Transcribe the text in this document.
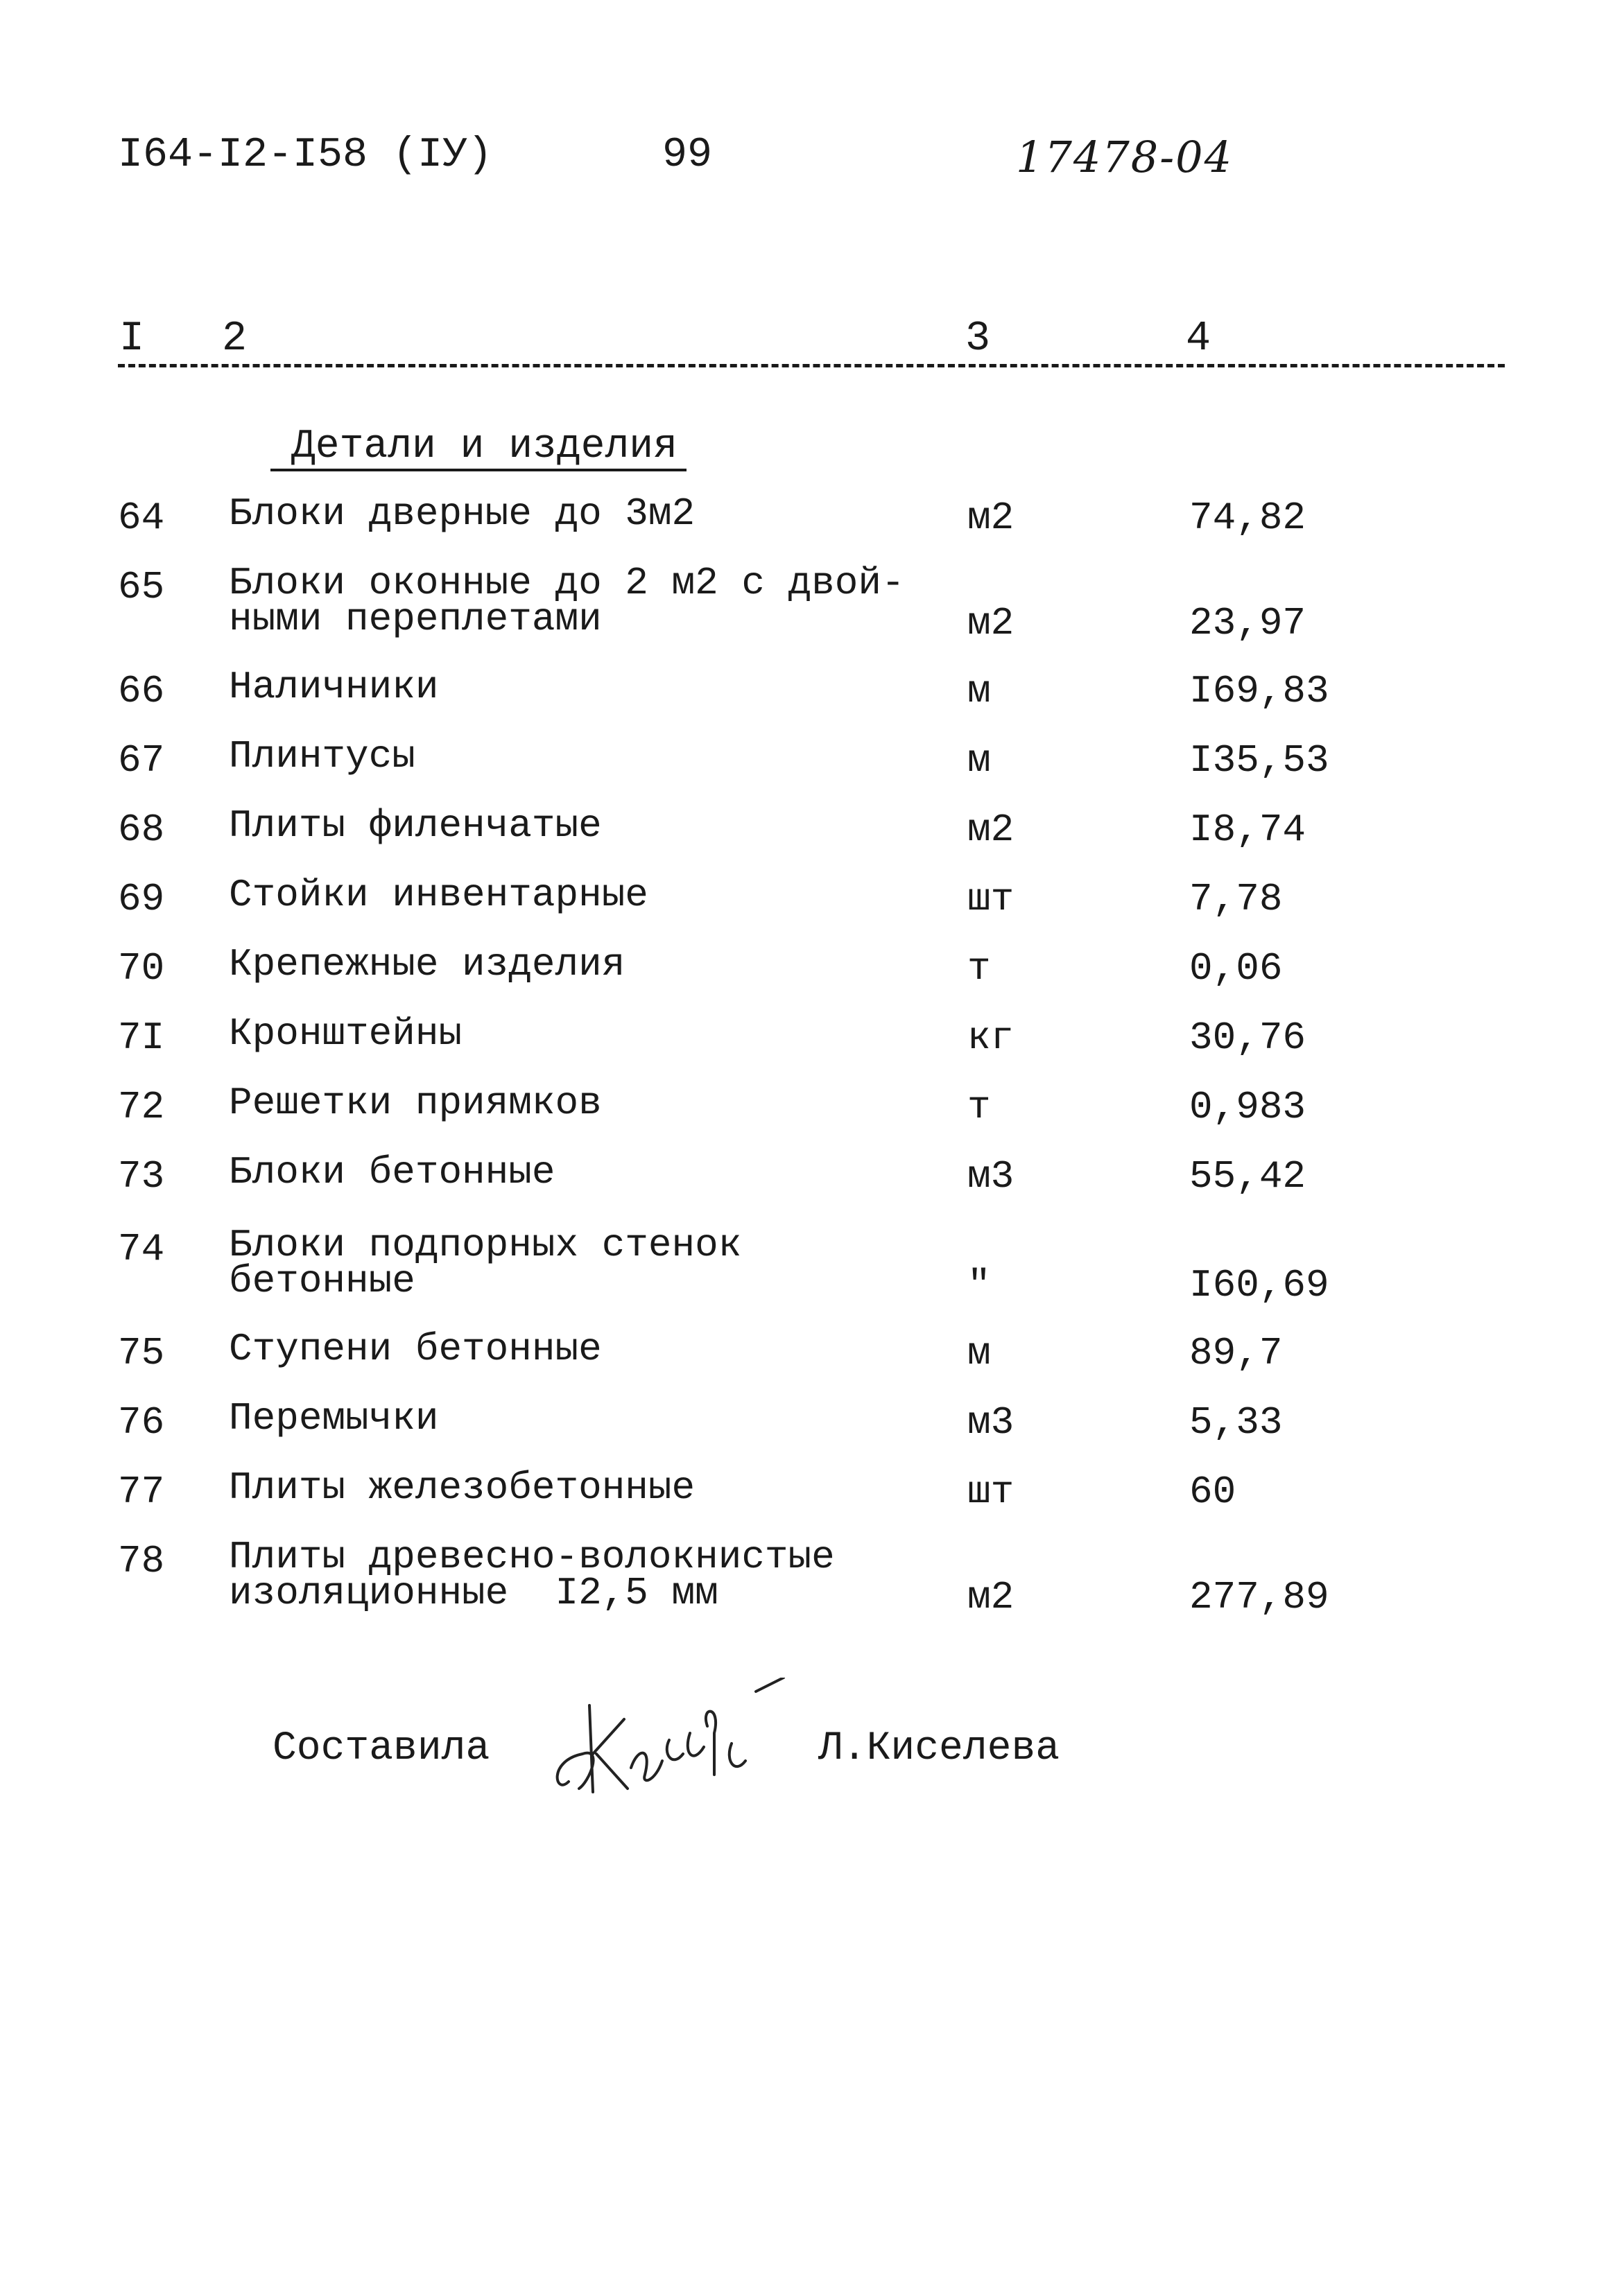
I64-I2-I58 (IУ)	99	17478-04
I 2	3	4
Детали и изделия
64 Блоки дверные до 3м2	м2	74,82
65 Блоки оконные до 2 м2 с двой-
ными переплетами	м2	23,97
66 Наличники	м	I69,83
67 Плинтусы	м	I35,53
68 Плиты филенчатые	м2	I8,74
69 Стойки инвентарные	шт	7,78
70 Крепежные изделия	т	0,06
7I Кронштейны	кг	30,76
72 Решетки приямков	т	0,983
73 Блоки бетонные	м3	55,42
74 Блоки подпорных стенок
бетонные	"	I60,69
75 Ступени бетонные	м	89,7
76 Перемычки	м3	5,33
77 Плиты железобетонные	шт	60
78 Плиты древесно-волокнистые
изоляционные  I2,5 мм	м2	277,89
Составила	Л.Киселева
